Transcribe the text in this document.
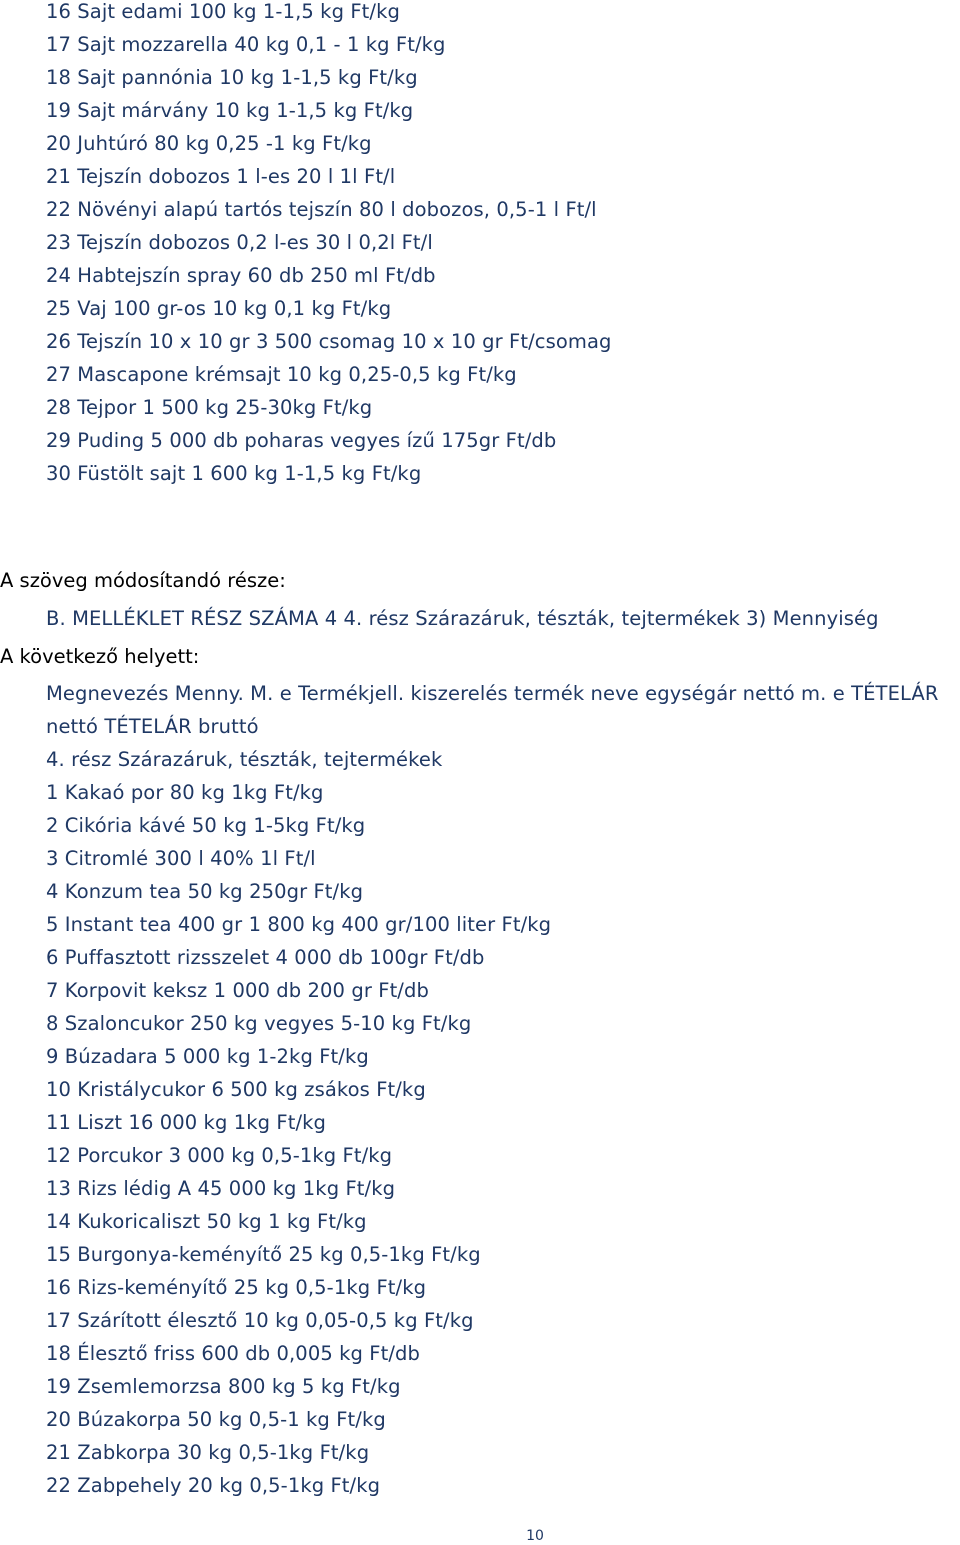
16 Sajt edami 100 kg 1-1,5 kg Ft/kg
17 Sajt mozzarella 40 kg 0,1 - 1 kg Ft/kg
18 Sajt pannónia 10 kg 1-1,5 kg Ft/kg
19 Sajt márvány 10 kg 1-1,5 kg Ft/kg
20 Juhtúró 80 kg 0,25 -1 kg Ft/kg
21 Tejszín dobozos 1 l-es 20 l 1l Ft/l
22 Növényi alapú tartós tejszín 80 l dobozos, 0,5-1 l Ft/l
23 Tejszín dobozos 0,2 l-es 30 l 0,2l Ft/l
24 Habtejszín spray 60 db 250 ml Ft/db
25 Vaj 100 gr-os 10 kg 0,1 kg Ft/kg
26 Tejszín 10 x 10 gr 3 500 csomag 10 x 10 gr Ft/csomag
27 Mascapone krémsajt 10 kg 0,25-0,5 kg Ft/kg
28 Tejpor 1 500 kg 25-30kg Ft/kg
29 Puding 5 000 db poharas vegyes ízű 175gr Ft/db
30 Füstölt sajt 1 600 kg 1-1,5 kg Ft/kg
A szöveg módosítandó része:
B. MELLÉKLET RÉSZ SZÁMA 4 4. rész Szárazáruk, tészták, tejtermékek 3) Mennyiség
A következő helyett:
Megnevezés Menny. M. e Termékjell. kiszerelés termék neve egységár nettó m. e TÉTELÁR
nettó TÉTELÁR bruttó
4. rész Szárazáruk, tészták, tejtermékek
1 Kakaó por 80 kg 1kg Ft/kg
2 Cikória kávé 50 kg 1-5kg Ft/kg
3 Citromlé 300 l 40% 1l Ft/l
4 Konzum tea 50 kg 250gr Ft/kg
5 Instant tea 400 gr 1 800 kg 400 gr/100 liter Ft/kg
6 Puffasztott rizsszelet 4 000 db 100gr Ft/db
7 Korpovit keksz 1 000 db 200 gr Ft/db
8 Szaloncukor 250 kg vegyes 5-10 kg Ft/kg
9 Búzadara 5 000 kg 1-2kg Ft/kg
10 Kristálycukor 6 500 kg zsákos Ft/kg
11 Liszt 16 000 kg 1kg Ft/kg
12 Porcukor 3 000 kg 0,5-1kg Ft/kg
13 Rizs lédig A 45 000 kg 1kg Ft/kg
14 Kukoricaliszt 50 kg 1 kg Ft/kg
15 Burgonya-keményítő 25 kg 0,5-1kg Ft/kg
16 Rizs-keményítő 25 kg 0,5-1kg Ft/kg
17 Szárított élesztő 10 kg 0,05-0,5 kg Ft/kg
18 Élesztő friss 600 db 0,005 kg Ft/db
19 Zsemlemorzsa 800 kg 5 kg Ft/kg
20 Búzakorpa 50 kg 0,5-1 kg Ft/kg
21 Zabkorpa 30 kg 0,5-1kg Ft/kg
22 Zabpehely 20 kg 0,5-1kg Ft/kg
10
